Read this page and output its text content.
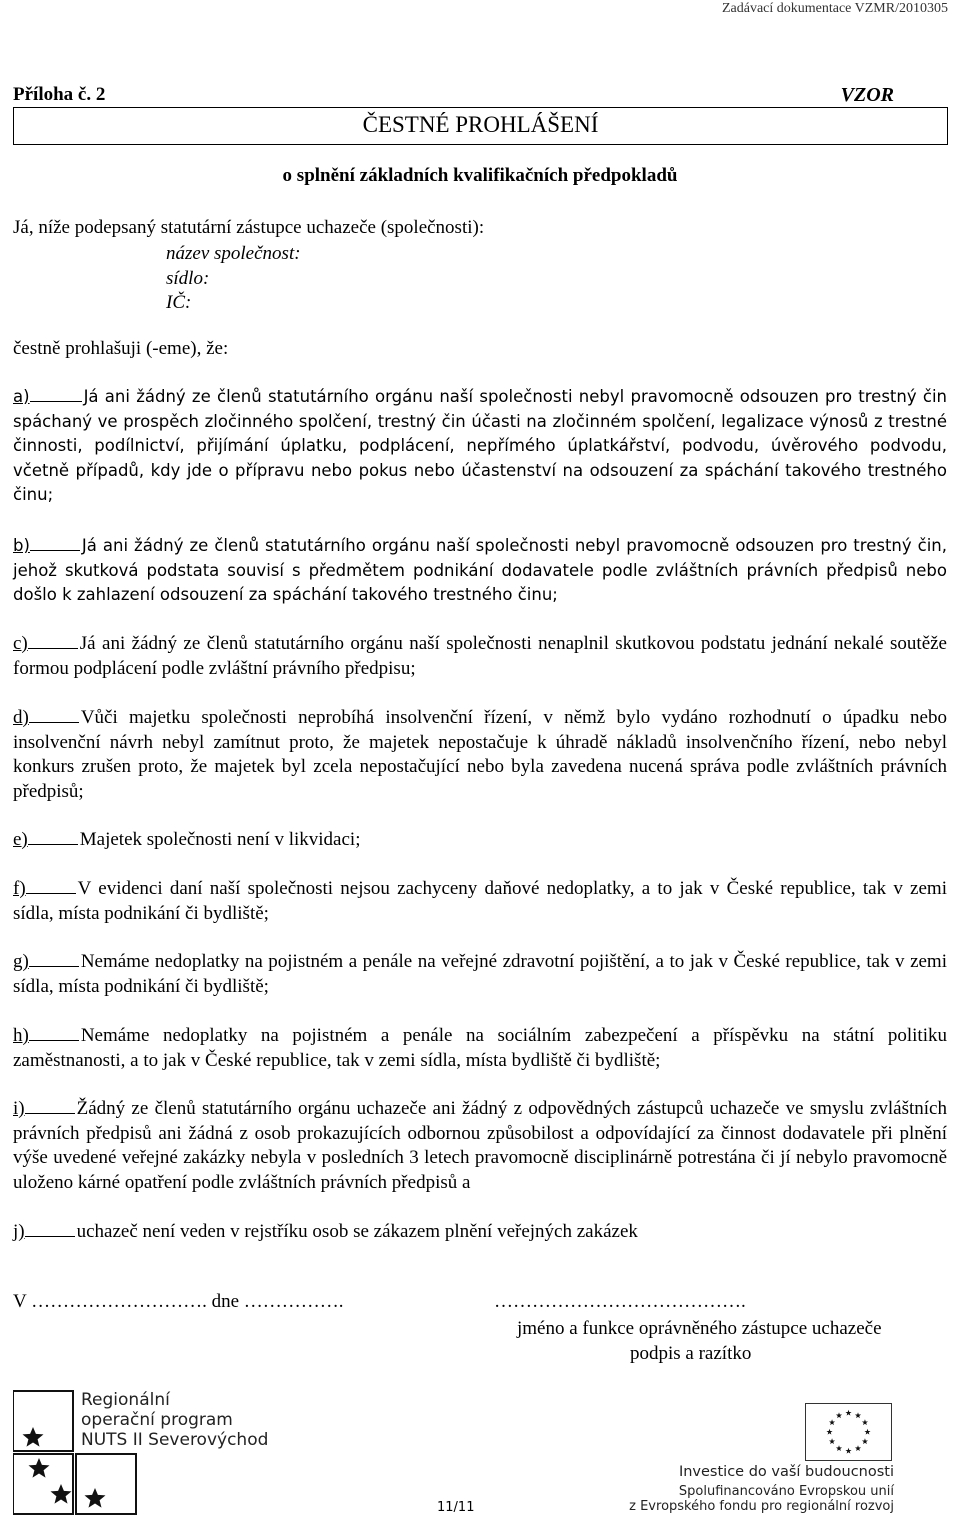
Zadávací dokumentace VZMR/2010305
Příloha č. 2	VZOR
ČESTNÉ PROHLÁŠENÍ
o splnění základních kvalifikačních předpokladů
Já, níže podepsaný statutární zástupce uchazeče (společnosti):
název společnost:
sídlo:
IČ:
čestně prohlašuji (-eme), že:
a)	Já ani žádný ze členů statutárního orgánu naší společnosti nebyl pravomocně odsouzen pro trestný čin spáchaný ve prospěch zločinného spolčení, trestný čin účasti na zločinném spolčení, legalizace výnosů z trestné činnosti, podílnictví, přijímání úplatku, podplácení, nepřímého úplatkářství, podvodu, úvěrového podvodu, včetně případů, kdy jde o přípravu nebo pokus nebo účastenství na odsouzení za spáchání takového trestného činu;
b)	Já ani žádný ze členů statutárního orgánu naší společnosti nebyl pravomocně odsouzen pro trestný čin, jehož skutková podstata souvisí s předmětem podnikání dodavatele podle zvláštních právních předpisů nebo došlo k zahlazení odsouzení za spáchání takového trestného činu;
c)	Já ani žádný ze členů statutárního orgánu naší společnosti nenaplnil skutkovou podstatu jednání nekalé soutěže formou podplácení podle zvláštní právního předpisu;
d)	Vůči majetku společnosti neprobíhá insolvenční řízení, v němž bylo vydáno rozhodnutí o úpadku nebo insolvenční návrh nebyl zamítnut proto, že majetek nepostačuje k úhradě nákladů insolvenčního řízení, nebo nebyl konkurs zrušen proto, že majetek byl zcela nepostačující nebo byla zavedena nucená správa podle zvláštních právních předpisů;
e)	Majetek společnosti není v likvidaci;
f)	V evidenci daní naší společnosti nejsou zachyceny daňové nedoplatky, a to jak v České republice, tak v zemi sídla, místa podnikání či bydliště;
g)	Nemáme nedoplatky na pojistném a penále na veřejné zdravotní pojištění, a to jak v České republice, tak v zemi sídla, místa podnikání či bydliště;
h)	Nemáme nedoplatky na pojistném a penále na sociálním zabezpečení a příspěvku na státní politiku zaměstnanosti, a to jak v České republice, tak v zemi sídla, místa bydliště či bydliště;
i)	Žádný ze členů statutárního orgánu uchazeče ani žádný z odpovědných zástupců uchazeče ve smyslu zvláštních právních předpisů ani žádná z osob prokazujících odbornou způsobilost a odpovídající za činnost dodavatele při plnění výše uvedené veřejné zakázky nebyla v posledních 3 letech pravomocně disciplinárně potrestána či jí nebylo pravomocně uloženo kárné opatření podle zvláštních právních předpisů a
j)	uchazeč není veden v rejstříku osob se zákazem plnění veřejných zakázek
V ………………………. dne …………….	………………………………….
jméno a funkce oprávněného zástupce uchazeče
podpis a razítko
Regionální
operační program
NUTS II Severovýchod
11/11
Investice do vaší budoucnosti
Spolufinancováno Evropskou unií
z Evropského fondu pro regionální rozvoj
